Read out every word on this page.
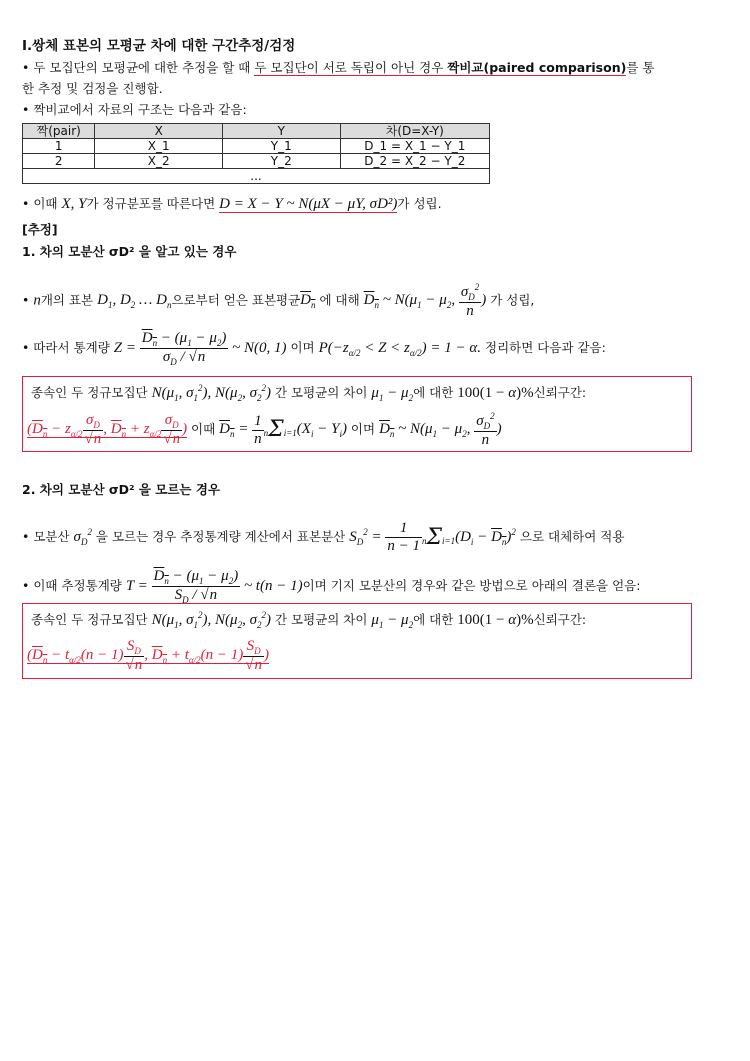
Ⅰ.쌍체 표본의 모평균 차에 대한 구간추정/검정
• 두 모집단의 모평균에 대한 추정을 할 때 두 모집단이 서로 독립이 아닌 경우 짝비교(paired comparison)를 통
한 추정 및 검정을 진행함.
• 짝비교에서 자료의 구조는 다음과 같음:
짝(pair)	X	Y	차(D=X-Y)
1	X_1	Y_1	D_1 = X_1 − Y_1
2	X_2	Y_2	D_2 = X_2 − Y_2
...			
• 이때 X, Y가 정규분포를 따른다면 D = X − Y ~ N(μX − μY, σD²)가 성립.
[추정]
1. 차의 모분산 σD² 을 알고 있는 경우
• n개의 표본 $D_1$, $D_2$ … $D_n$으로부터 얻은 표본평균$D_n$ 에 대해 $D_n$ ~ $N(\mu_1 - \mu_2$, $\frac{\sigma_D^2}{n}$ ) 가 성립,
• 따라서 통계량 $Z = \frac{D_n - (\mu_1 - \mu_2)}{\sigma_D / √n}$ ~ N(0, 1) 이며 $P(-z_{\alpha/2} < Z < z_{\alpha/2}) = 1 - \alpha$. 정리하면 다음과 같음:
종속인 두 정규모집단 $N(\mu_1$, $\sigma_1^2$), $N(\mu_2$, $\sigma_2^2$) 간 모평균의 차이 $\mu_1 - \mu_2$에 대한 100(1 − α)%신뢰구간:
($D_n - z_{\alpha/2} \frac{\sigma_D}{√n}$ , $D_n + z_{\alpha/2} \frac{\sigma_D}{√n}$ ) 이때 $D_n = \frac{1}{n} n\Sigma i=1(X_i - Y_i)$ 이며 $D_n$ ~ $N(\mu_1 - \mu_2$, $\frac{\sigma_D^2}{n}$ )
2. 차의 모분산 σD² 을 모르는 경우
• 모분산 $\sigma_D^2$ 을 모르는 경우 추정통계량 계산에서 표본분산 $S_D^2 = \frac{1}{n - 1} n\Sigma i=1(D_i - D_n)^2$ 으로 대체하여 적용
• 이때 추정통계량 $T = \frac{D_n - (\mu_1 - \mu_2)}{S_D / √n}$ ~ t(n − 1)이며 기지 모분산의 경우와 같은 방법으로 아래의 결론을 얻음:
종속인 두 정규모집단 $N(\mu_1$, $\sigma_1^2$), $N(\mu_2$, $\sigma_2^2$) 간 모평균의 차이 $\mu_1 - \mu_2$에 대한 100(1 − α)%신뢰구간:
($D_n - t_{\alpha/2}(n - 1) \frac{S_D}{√n}$ , $D_n + t_{\alpha/2}(n - 1) \frac{S_D}{√n}$ )
